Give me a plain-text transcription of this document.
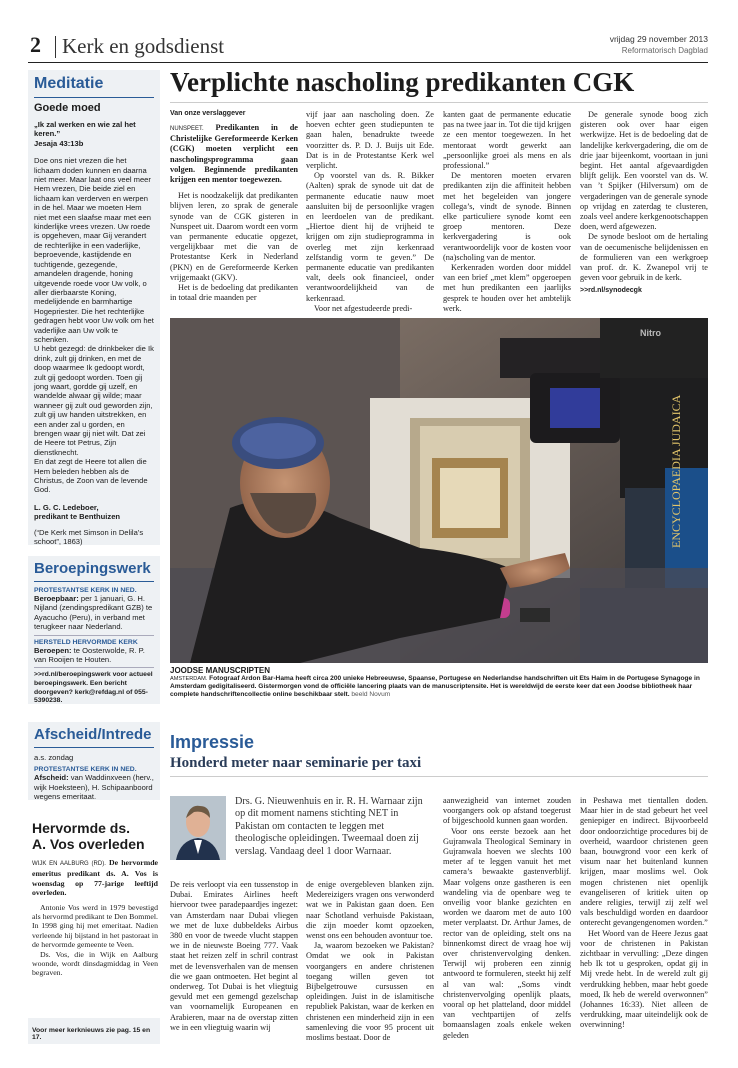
2 Kerk en godsdienst	vrijdag 29 november 2013
Reformatorisch Dagblad
Meditatie
Goede moed
„Ik zal werken en wie zal het keren.”
Jesaja 43:13b
Doe ons niet vrezen die het lichaam doden kunnen en daarna niet meer. Maar laat ons veel meer Hem vrezen, Die beide ziel en lichaam kan verderven en werpen in de hel. Maar we moeten Hem niet met een slaafse maar met een kinderlijke vrees vrezen. Uw roede is opgeheven, maar Gij verandert de rechterlijke in een vaderlijke, beproevende, kastijdende en tuchtigende, gezegende, amandelen dragende, honing uitgevende roede voor Uw volk, o aller dierbaarste Koning, medelijdende en barmhartige Hogepriester. Die het rechterlijke gedragen hebt voor Uw volk om het vaderlijke aan Uw volk te schenken.
U hebt gezegd: de drinkbeker die Ik drink, zult gij drinken, en met de doop waarmee Ik gedoopt wordt, zult gij gedoopt worden. Toen gij jong waart, gordde gij uzelf, en wandelde alwaar gij wilde; maar wanneer gij zult oud geworden zijn, zult gij uw handen uitstrekken, en een ander zal u gorden, en brengen waar gij niet wilt. Dat zei de Heere tot Petrus, Zijn dienstknecht.
En dat zegt de Heere tot allen die Hem beleden hebben als de Christus, de Zoon van de levende God.
L. G. C. Ledeboer,
predikant te Benthuizen
(“De Kerk met Simson in Delila’s schoot”, 1863)
Beroepingswerk
PROTESTANTSE KERK IN NED.
Beroepbaar: per 1 januari, G. H. Nijland (zendingspredikant GZB) te Ayacucho (Peru), in verband met terugkeer naar Nederland.
HERSTELD HERVORMDE KERK
Beroepen: te Oosterwolde, R. P. van Rooijen te Houten.
>>rd.nl/beroepingswerk voor actueel beroepingswerk. Een bericht doorgeven? kerk@refdag.nl of 055-5390238.
Afscheid/Intrede
a.s. zondag
PROTESTANTSE KERK IN NED.
Afscheid: van Waddinxveen (herv., wijk Hoeksteen), H. Schipaanboord wegens emeritaat.
Hervormde ds.
A. Vos overleden
WIJK EN AALBURG (RD). De hervormde emeritus predikant ds. A. Vos is woensdag op 77-jarige leeftijd overleden.
Antonie Vos werd in 1979 bevestigd als hervormd predikant te Den Bommel. In 1998 ging hij met emeritaat. Nadien verleende hij bijstand in het pastoraat in de hervormde gemeente te Veen.
Ds. Vos, die in Wijk en Aalburg woonde, wordt dinsdagmiddag in Veen begraven.
Voor meer kerknieuws zie pag. 15 en 17.
Verplichte nascholing predikanten CGK
Van onze verslaggever
NUNSPEET. Predikanten in de Christelijke Gereformeerde Kerken (CGK) moeten verplicht een nascholingsprogramma gaan volgen. Beginnende predikanten krijgen een mentor toegewezen.
Het is noodzakelijk dat predikanten blijven leren, zo sprak de generale synode van de CGK gisteren in Nunspeet uit. Daarom wordt een vorm van permanente educatie opgezet, vergelijkbaar met die van de Protestantse Kerk in Nederland (PKN) en de Gereformeerde Kerken vrijgemaakt (GKV).
Het is de bedoeling dat predikanten in totaal drie maanden per
vijf jaar aan nascholing doen. Ze hoeven echter geen studiepunten te gaan halen, benadrukte tweede voorzitter ds. P. D. J. Buijs uit Ede. Dat is in de Protestantse Kerk wel verplicht.
Op voorstel van ds. R. Bikker (Aalten) sprak de synode uit dat de permanente educatie nauw moet aansluiten bij de persoonlijke vragen en leerdoelen van de predikant. „Hiertoe dient hij de vrijheid te krijgen om zijn studieprogramma in overleg met zijn kerkenraad zelfstandig vorm te geven.” De permanente educatie van predikanten valt, deels ook financieel, onder verantwoordelijkheid van de kerkenraad.
Voor net afgestudeerde predi-
kanten gaat de permanente educatie pas na twee jaar in. Tot die tijd krijgen ze een mentor toegewezen. In het mentoraat wordt gewerkt aan „persoonlijke groei als mens en als professional.”
De mentoren moeten ervaren predikanten zijn die affiniteit hebben met het begeleiden van jongere collega’s, vindt de synode. Binnen elke particuliere synode komt een groep mentoren. Deze kerkvergadering is ook verantwoordelijk voor de kosten voor (na)scholing van de mentor.
Kerkenraden worden door middel van een brief „met klem” opgeroepen met hun predikanten een jaarlijks gesprek te houden over het ambtelijk werk.
De generale synode boog zich gisteren ook over haar eigen werkwijze. Het is de bedoeling dat de landelijke kerkvergadering, die om de drie jaar bijeenkomt, voortaan in juni begint. Het aantal afgevaardigden blijft gelijk. Een voorstel van ds. W. van ’t Spijker (Hilversum) om de vergaderingen van de generale synode op vrijdag en zaterdag te clusteren, zoals veel andere kerkgenootschappen doen, werd afgewezen.
De synode besloot om de hertaling van de oecumenische belijdenissen en de formulieren van een werkgroep van prof. dr. K. Zwanepol vrij te geven voor gebruik in de kerk.
>>rd.nl/synodecgk
ENCYCLOPAEDIA JUDAICA
Nitro
JOODSE MANUSCRIPTEN
AMSTERDAM. Fotograaf Ardon Bar-Hama heeft circa 200 unieke Hebreeuwse, Spaanse, Portugese en Nederlandse handschriften uit Ets Haim in de Portugese Synagoge in Amsterdam gedigitaliseerd. Gistermorgen vond de officiële lancering plaats van de manuscriptensite. Het is wereldwijd de eerste keer dat een Joodse bibliotheek haar complete handschriftencollectie online beschikbaar stelt. beeld Novum
Impressie
Honderd meter naar seminarie per taxi
Drs. G. Nieuwenhuis en ir. R. H. Warnaar zijn op dit moment namens stichting NET in Pakistan om contacten te leggen met theologische opleidingen. Tweemaal doen zij verslag. Vandaag deel 1 door Warnaar.
De reis verloopt via een tussenstop in Dubai. Emirates Airlines heeft hiervoor twee paradepaardjes ingezet: van Amsterdam naar Dubai vliegen we met de luxe dubbeldeks Airbus 380 en voor de tweede vlucht stappen we in de nieuwste Boeing 777. Vaak staat het reizen zelf in schril contrast met de levensverhalen van de mensen die we gaan ontmoeten. Het begint al onderweg. Tot Dubai is het vliegtuig gevuld met een gemengd gezelschap van voornamelijk Europeanen en Arabieren, maar na de overstap zitten we in een vliegtuig waarin wij
de enige overgebleven blanken zijn. Medereizigers vragen ons verwonderd wat we in Pakistan gaan doen. Een naar Schotland verhuisde Pakistaan, die zijn moeder komt opzoeken, wenst ons een behouden avontuur toe.
Ja, waarom bezoeken we Pakistan? Omdat we ook in Pakistan voorgangers en andere christenen toegang willen geven tot Bijbelgetrouwe cursussen en opleidingen. Juist in de islamitische republiek Pakistan, waar de kerken en christenen een minderheid zijn in een samenleving die voor 95 procent uit moslims bestaat. Door de
aanwezigheid van internet zouden voorgangers ook op afstand toegerust of bijgeschoold kunnen gaan worden.
Voor ons eerste bezoek aan het Gujranwala Theological Seminary in Gujranwala hoeven we slechts 100 meter af te leggen vanuit het met camera’s bewaakte gastenverblijf. Maar volgens onze gastheren is een wandeling via de openbare weg te onveilig voor blanke gezichten en worden we daarom met de auto 100 meter verplaatst. Dr. Arthur James, de rector van de opleiding, stelt ons na binnenkomst direct de vraag hoe wij over christenvervolging denken. Terwijl wij proberen een zinnig antwoord te formuleren, steekt hij zelf al van wal: „Soms vindt christenvervolging openlijk plaats, vooral op het platteland, door middel van vechtpartijen of zelfs bomaanslagen zoals enkele weken geleden
in Peshawa met tientallen doden. Maar hier in de stad gebeurt het veel geniepiger en indirect. Bijvoorbeeld door ondoorzichtige procedures bij de overheid, waardoor christenen geen baan, bouwgrond voor een kerk of visum naar het buitenland kunnen krijgen, maar moslims wel. Ook mogen christenen niet openlijk evangeliseren of kritiek uiten op andere religies, terwijl zij zelf wel vals beschuldigd worden en daardoor onterecht gevangengenomen worden.”
Het Woord van de Heere Jezus gaat voor de christenen in Pakistan zichtbaar in vervulling: „Deze dingen heb Ik tot u gesproken, opdat gij in Mij vrede hebt. In de wereld zult gij verdrukking hebben, maar hebt goede moed, Ik heb de wereld overwonnen” (Johannes 16:33). Niet alleen de verdrukking, maar uiteindelijk ook de overwinning!
